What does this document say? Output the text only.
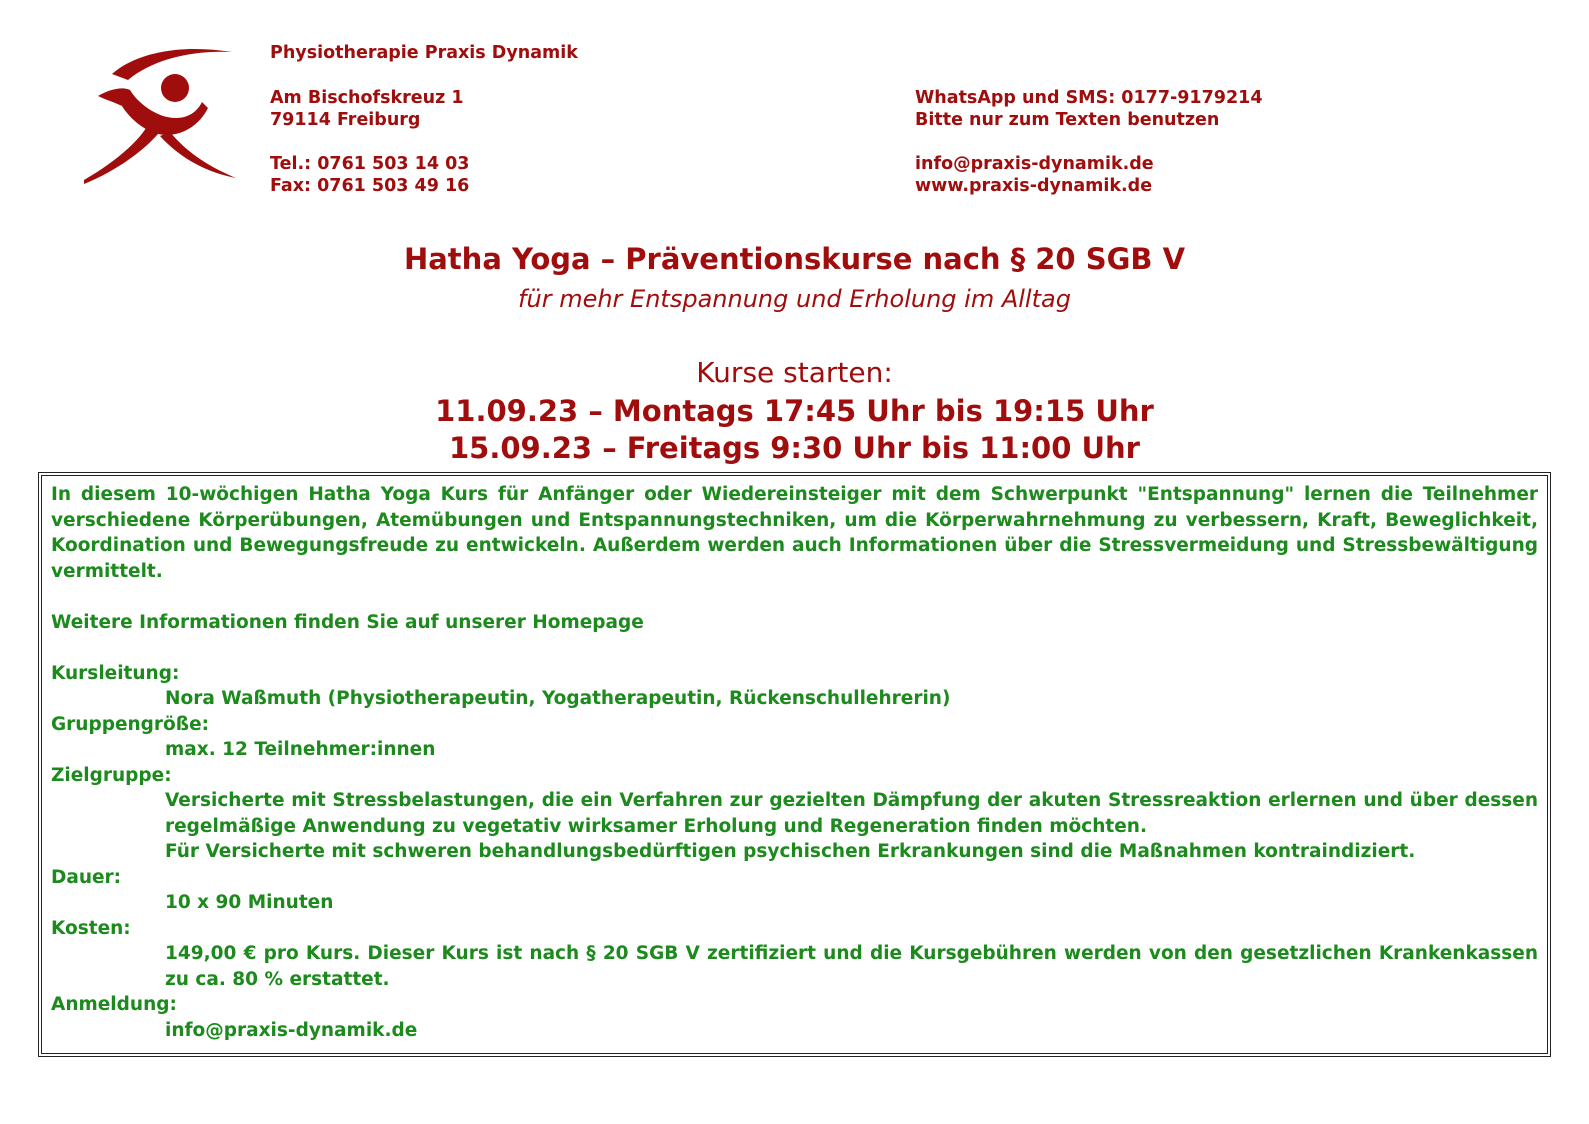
Physiotherapie Praxis Dynamik
Am Bischofskreuz 1
79114 Freiburg
Tel.: 0761 503 14 03
Fax: 0761 503 49 16
WhatsApp und SMS: 0177-9179214
Bitte nur zum Texten benutzen
info@praxis-dynamik.de
www.praxis-dynamik.de
Hatha Yoga – Präventionskurse nach § 20 SGB V
für mehr Entspannung und Erholung im Alltag
Kurse starten:
11.09.23 – Montags 17:45 Uhr bis 19:15 Uhr
15.09.23 – Freitags 9:30 Uhr bis 11:00 Uhr

In diesem 10-wöchigen Hatha Yoga Kurs für Anfänger oder Wiedereinsteiger mit dem Schwerpunkt "Entspannung" lernen die Teilnehmer verschiedene Körperübungen, Atemübungen und Entspannungstechniken, um die Körperwahrnehmung zu verbessern, Kraft, Beweglichkeit, Koordination und Bewegungsfreude zu entwickeln. Außerdem werden auch Informationen über die Stressvermeidung und Stressbewältigung vermittelt.

Weitere Informationen finden Sie auf unserer Homepage

Kursleitung:

Nora Waßmuth (Physiotherapeutin, Yogatherapeutin, Rückenschullehrerin)

Gruppengröße:

max. 12 Teilnehmer:innen

Zielgruppe:

Versicherte mit Stressbelastungen, die ein Verfahren zur gezielten Dämpfung der akuten Stressreaktion erlernen und über dessen regelmäßige Anwendung zu vegetativ wirksamer Erholung und Regeneration finden möchten.

Für Versicherte mit schweren behandlungsbedürftigen psychischen Erkrankungen sind die Maßnahmen kontraindiziert.

Dauer:

10 x 90 Minuten

Kosten:

149,00 € pro Kurs. Dieser Kurs ist nach § 20 SGB V zertifiziert und die Kursgebühren werden von den gesetzlichen Krankenkassen zu ca. 80 % erstattet.

Anmeldung:

info@praxis-dynamik.de
